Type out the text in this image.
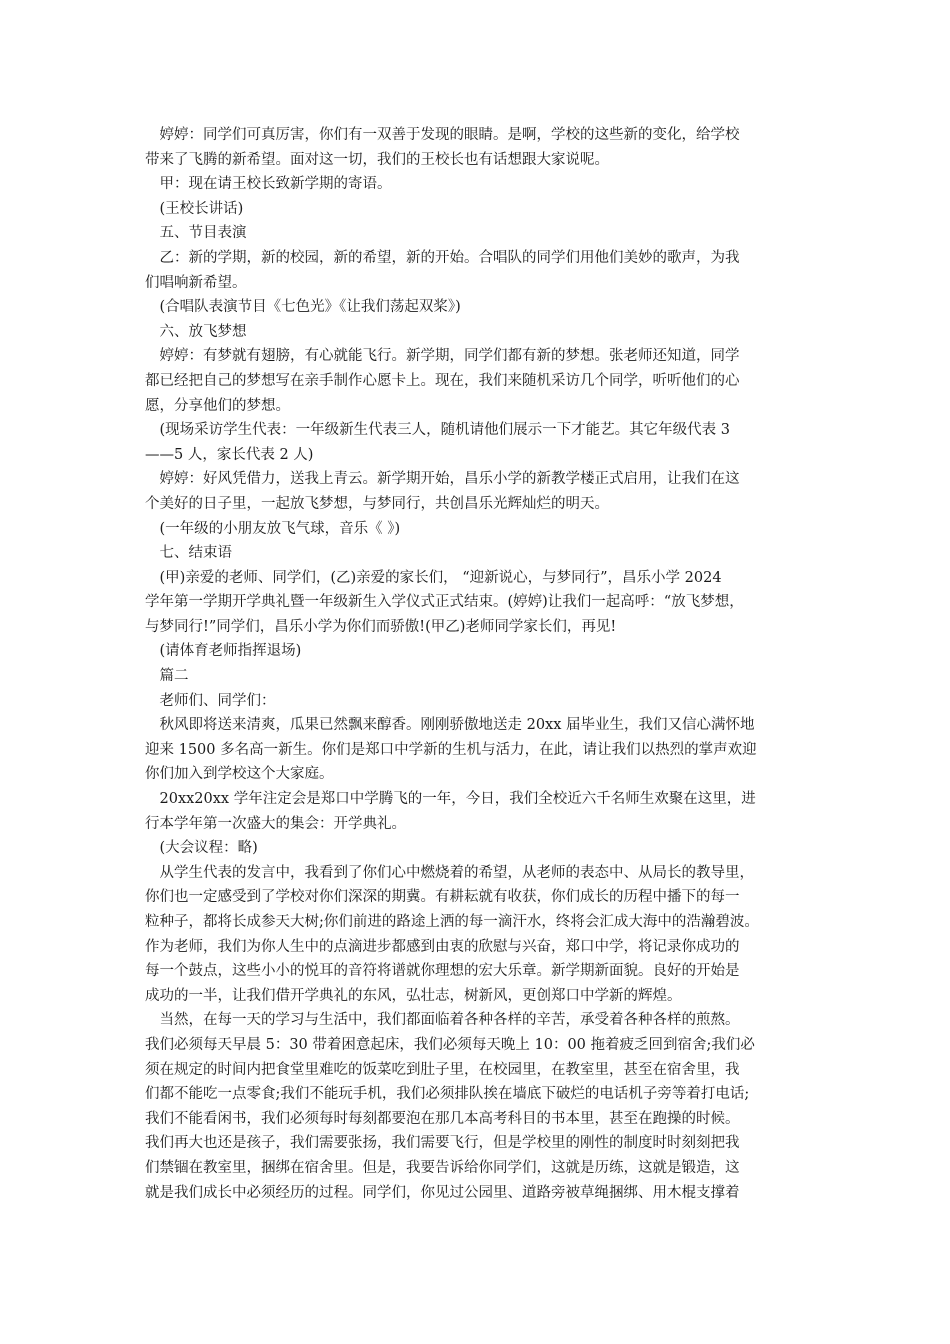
　婷婷：同学们可真厉害，你们有一双善于发现的眼睛。是啊，学校的这些新的变化，给学校
带来了飞腾的新希望。面对这一切，我们的王校长也有话想跟大家说呢。
　甲：现在请王校长致新学期的寄语。
　(王校长讲话)
　五、节目表演
　乙：新的学期，新的校园，新的希望，新的开始。合唱队的同学们用他们美妙的歌声，为我
们唱响新希望。
　(合唱队表演节目《七色光》《让我们荡起双桨》)
　六、放飞梦想
　婷婷：有梦就有翅膀，有心就能飞行。新学期，同学们都有新的梦想。张老师还知道，同学
都已经把自己的梦想写在亲手制作心愿卡上。现在，我们来随机采访几个同学，听听他们的心
愿，分享他们的梦想。
　(现场采访学生代表：一年级新生代表三人，随机请他们展示一下才能艺。其它年级代表 3
——5 人，家长代表 2 人)
　婷婷：好风凭借力，送我上青云。新学期开始，昌乐小学的新教学楼正式启用，让我们在这
个美好的日子里，一起放飞梦想，与梦同行，共创昌乐光辉灿烂的明天。
　(一年级的小朋友放飞气球，音乐《 》)
　七、结束语
　(甲)亲爱的老师、同学们，(乙)亲爱的家长们， “迎新说心，与梦同行”，昌乐小学 2024
学年第一学期开学典礼暨一年级新生入学仪式正式结束。(婷婷)让我们一起高呼：“放飞梦想，
与梦同行!”同学们，昌乐小学为你们而骄傲!(甲乙)老师同学家长们，再见!
　(请体育老师指挥退场)
　篇二
　老师们、同学们：
　秋风即将送来清爽，瓜果已然飘来醇香。刚刚骄傲地送走 20xx 届毕业生，我们又信心满怀地
迎来 1500 多名高一新生。你们是郑口中学新的生机与活力，在此，请让我们以热烈的掌声欢迎
你们加入到学校这个大家庭。
　20xx20xx 学年注定会是郑口中学腾飞的一年，今日，我们全校近六千名师生欢聚在这里，进
行本学年第一次盛大的集会：开学典礼。
　(大会议程：略)
　从学生代表的发言中，我看到了你们心中燃烧着的希望，从老师的表态中、从局长的教导里，
你们也一定感受到了学校对你们深深的期冀。有耕耘就有收获，你们成长的历程中播下的每一
粒种子，都将长成参天大树;你们前进的路途上洒的每一滴汗水，终将会汇成大海中的浩瀚碧波。
作为老师，我们为你人生中的点滴进步都感到由衷的欣慰与兴奋，郑口中学，将记录你成功的
每一个鼓点，这些小小的悦耳的音符将谱就你理想的宏大乐章。新学期新面貌。良好的开始是
成功的一半，让我们借开学典礼的东风，弘壮志，树新风，更创郑口中学新的辉煌。
　当然，在每一天的学习与生活中，我们都面临着各种各样的辛苦，承受着各种各样的煎熬。
我们必须每天早晨 5：30 带着困意起床，我们必须每天晚上 10：00 拖着疲乏回到宿舍;我们必
须在规定的时间内把食堂里难吃的饭菜吃到肚子里，在校园里，在教室里，甚至在宿舍里，我
们都不能吃一点零食;我们不能玩手机，我们必须排队挨在墙底下破烂的电话机子旁等着打电话;
我们不能看闲书，我们必须每时每刻都要泡在那几本高考科目的书本里，甚至在跑操的时候。
我们再大也还是孩子，我们需要张扬，我们需要飞行，但是学校里的刚性的制度时时刻刻把我
们禁锢在教室里，捆绑在宿舍里。但是，我要告诉给你同学们，这就是历练，这就是锻造，这
就是我们成长中必须经历的过程。同学们，你见过公园里、道路旁被草绳捆绑、用木棍支撑着
